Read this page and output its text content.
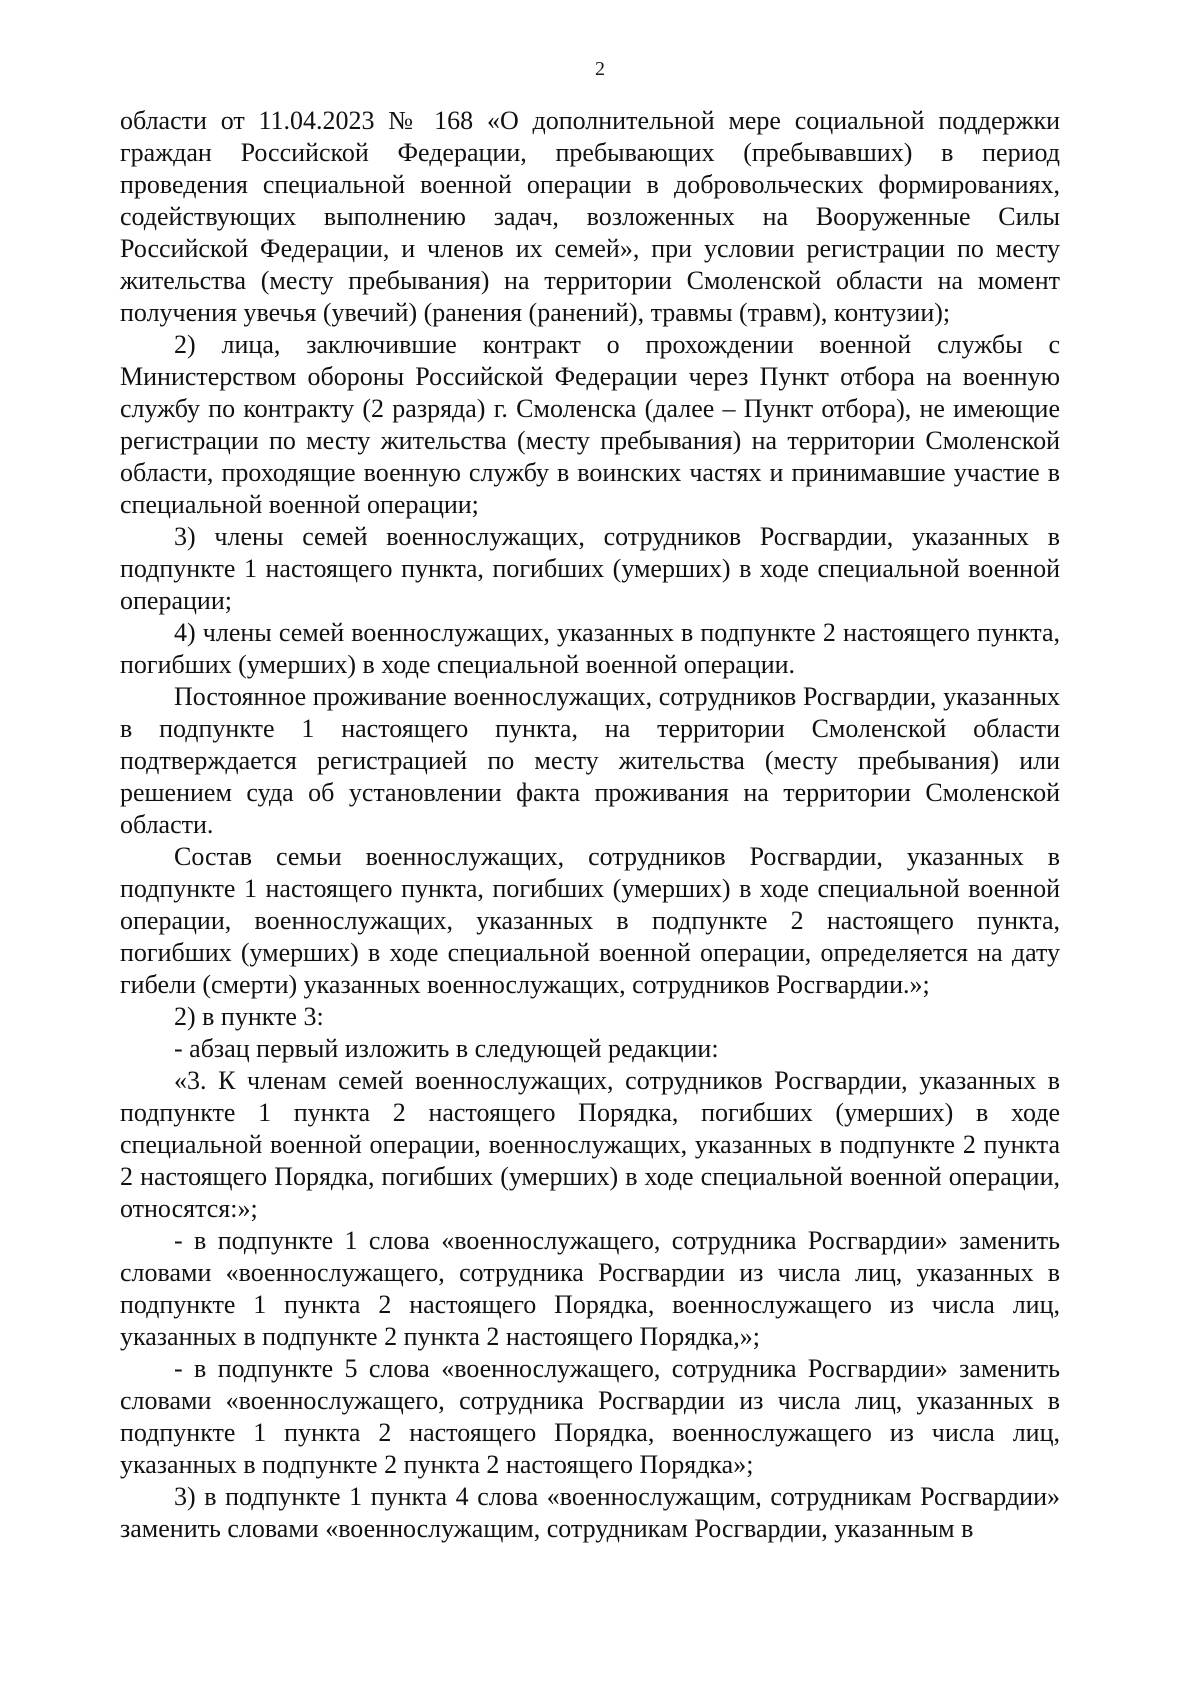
2

области от 11.04.2023 № 168 «О дополнительной мере социальной поддержки граждан Российской Федерации, пребывающих (пребывавших) в период проведения специальной военной операции в добровольческих формированиях, содействующих выполнению задач, возложенных на Вооруженные Силы Российской Федерации, и членов их семей», при условии регистрации по месту жительства (месту пребывания) на территории Смоленской области на момент получения увечья (увечий) (ранения (ранений), травмы (травм), контузии);

2) лица, заключившие контракт о прохождении военной службы с Министерством обороны Российской Федерации через Пункт отбора на военную службу по контракту (2 разряда) г. Смоленска (далее – Пункт отбора), не имеющие регистрации по месту жительства (месту пребывания) на территории Смоленской области, проходящие военную службу в воинских частях и принимавшие участие в специальной военной операции;

3) члены семей военнослужащих, сотрудников Росгвардии, указанных в подпункте 1 настоящего пункта, погибших (умерших) в ходе специальной военной операции;

4) члены семей военнослужащих, указанных в подпункте 2 настоящего пункта, погибших (умерших) в ходе специальной военной операции.

Постоянное проживание военнослужащих, сотрудников Росгвардии, указанных в подпункте 1 настоящего пункта, на территории Смоленской области подтверждается регистрацией по месту жительства (месту пребывания) или решением суда об установлении факта проживания на территории Смоленской области.

Состав семьи военнослужащих, сотрудников Росгвардии, указанных в подпункте 1 настоящего пункта, погибших (умерших) в ходе специальной военной операции, военнослужащих, указанных в подпункте 2 настоящего пункта, погибших (умерших) в ходе специальной военной операции, определяется на дату гибели (смерти) указанных военнослужащих, сотрудников Росгвардии.»;

2) в пункте 3:

- абзац первый изложить в следующей редакции:

«3. К членам семей военнослужащих, сотрудников Росгвардии, указанных в подпункте 1 пункта 2 настоящего Порядка, погибших (умерших) в ходе специальной военной операции, военнослужащих, указанных в подпункте 2 пункта 2 настоящего Порядка, погибших (умерших) в ходе специальной военной операции, относятся:»;

- в подпункте 1 слова «военнослужащего, сотрудника Росгвардии» заменить словами «военнослужащего, сотрудника Росгвардии из числа лиц, указанных в подпункте 1 пункта 2 настоящего Порядка, военнослужащего из числа лиц, указанных в подпункте 2 пункта 2 настоящего Порядка,»;

- в подпункте 5 слова «военнослужащего, сотрудника Росгвардии» заменить словами «военнослужащего, сотрудника Росгвардии из числа лиц, указанных в подпункте 1 пункта 2 настоящего Порядка, военнослужащего из числа лиц, указанных в подпункте 2 пункта 2 настоящего Порядка»;

3) в подпункте 1 пункта 4 слова «военнослужащим, сотрудникам Росгвардии» заменить словами «военнослужащим, сотрудникам Росгвардии, указанным в
